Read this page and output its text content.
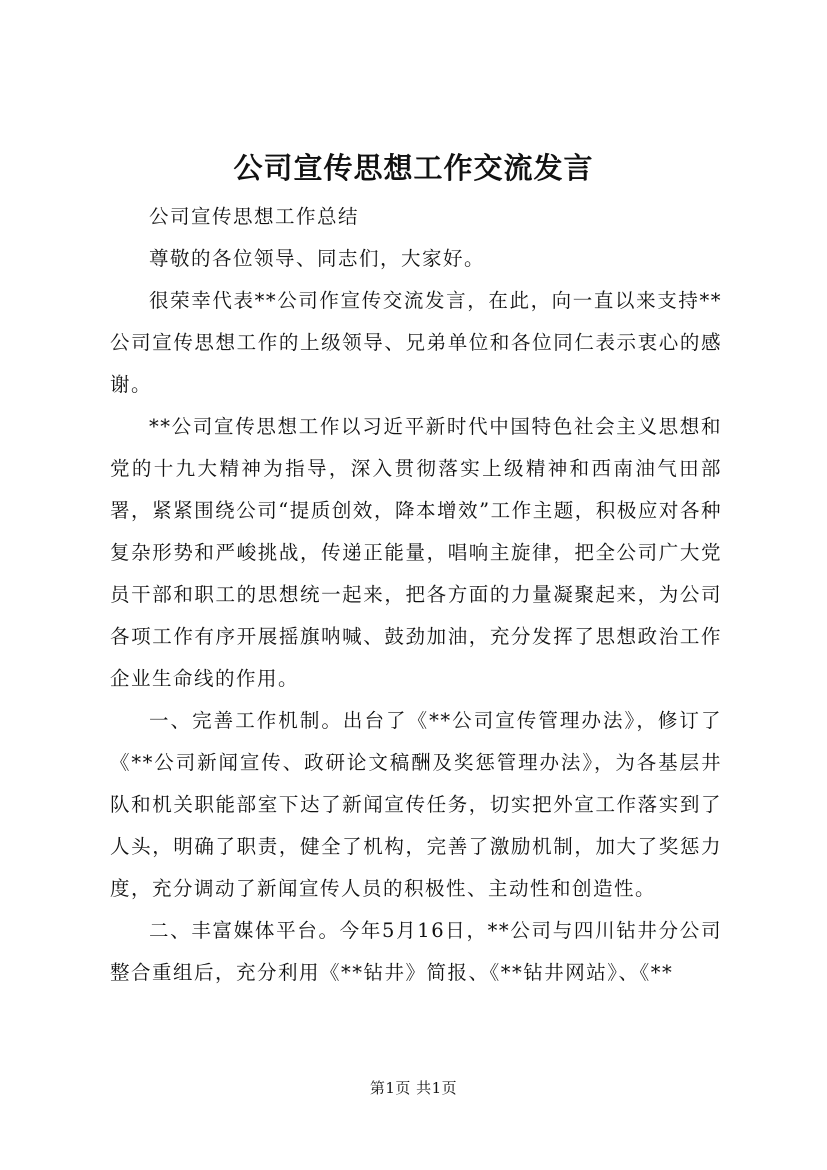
公司宣传思想工作交流发言

公司宣传思想工作总结

尊敬的各位领导、同志们，大家好。

很荣幸代表**公司作宣传交流发言，在此，向一直以来支持**公司宣传思想工作的上级领导、兄弟单位和各位同仁表示衷心的感谢。

**公司宣传思想工作以习近平新时代中国特色社会主义思想和党的十九大精神为指导，深入贯彻落实上级精神和西南油气田部署，紧紧围绕公司“提质创效，降本增效”工作主题，积极应对各种复杂形势和严峻挑战，传递正能量，唱响主旋律，把全公司广大党员干部和职工的思想统一起来，把各方面的力量凝聚起来，为公司各项工作有序开展摇旗呐喊、鼓劲加油，充分发挥了思想政治工作企业生命线的作用。

一、完善工作机制。出台了《**公司宣传管理办法》，修订了《**公司新闻宣传、政研论文稿酬及奖惩管理办法》，为各基层井队和机关职能部室下达了新闻宣传任务，切实把外宣工作落实到了人头，明确了职责，健全了机构，完善了激励机制，加大了奖惩力度，充分调动了新闻宣传人员的积极性、主动性和创造性。

二、丰富媒体平台。今年5月16日，**公司与四川钻井分公司整合重组后，充分利用《**钻井》简报、《**钻井网站》、《**

第1页 共1页
